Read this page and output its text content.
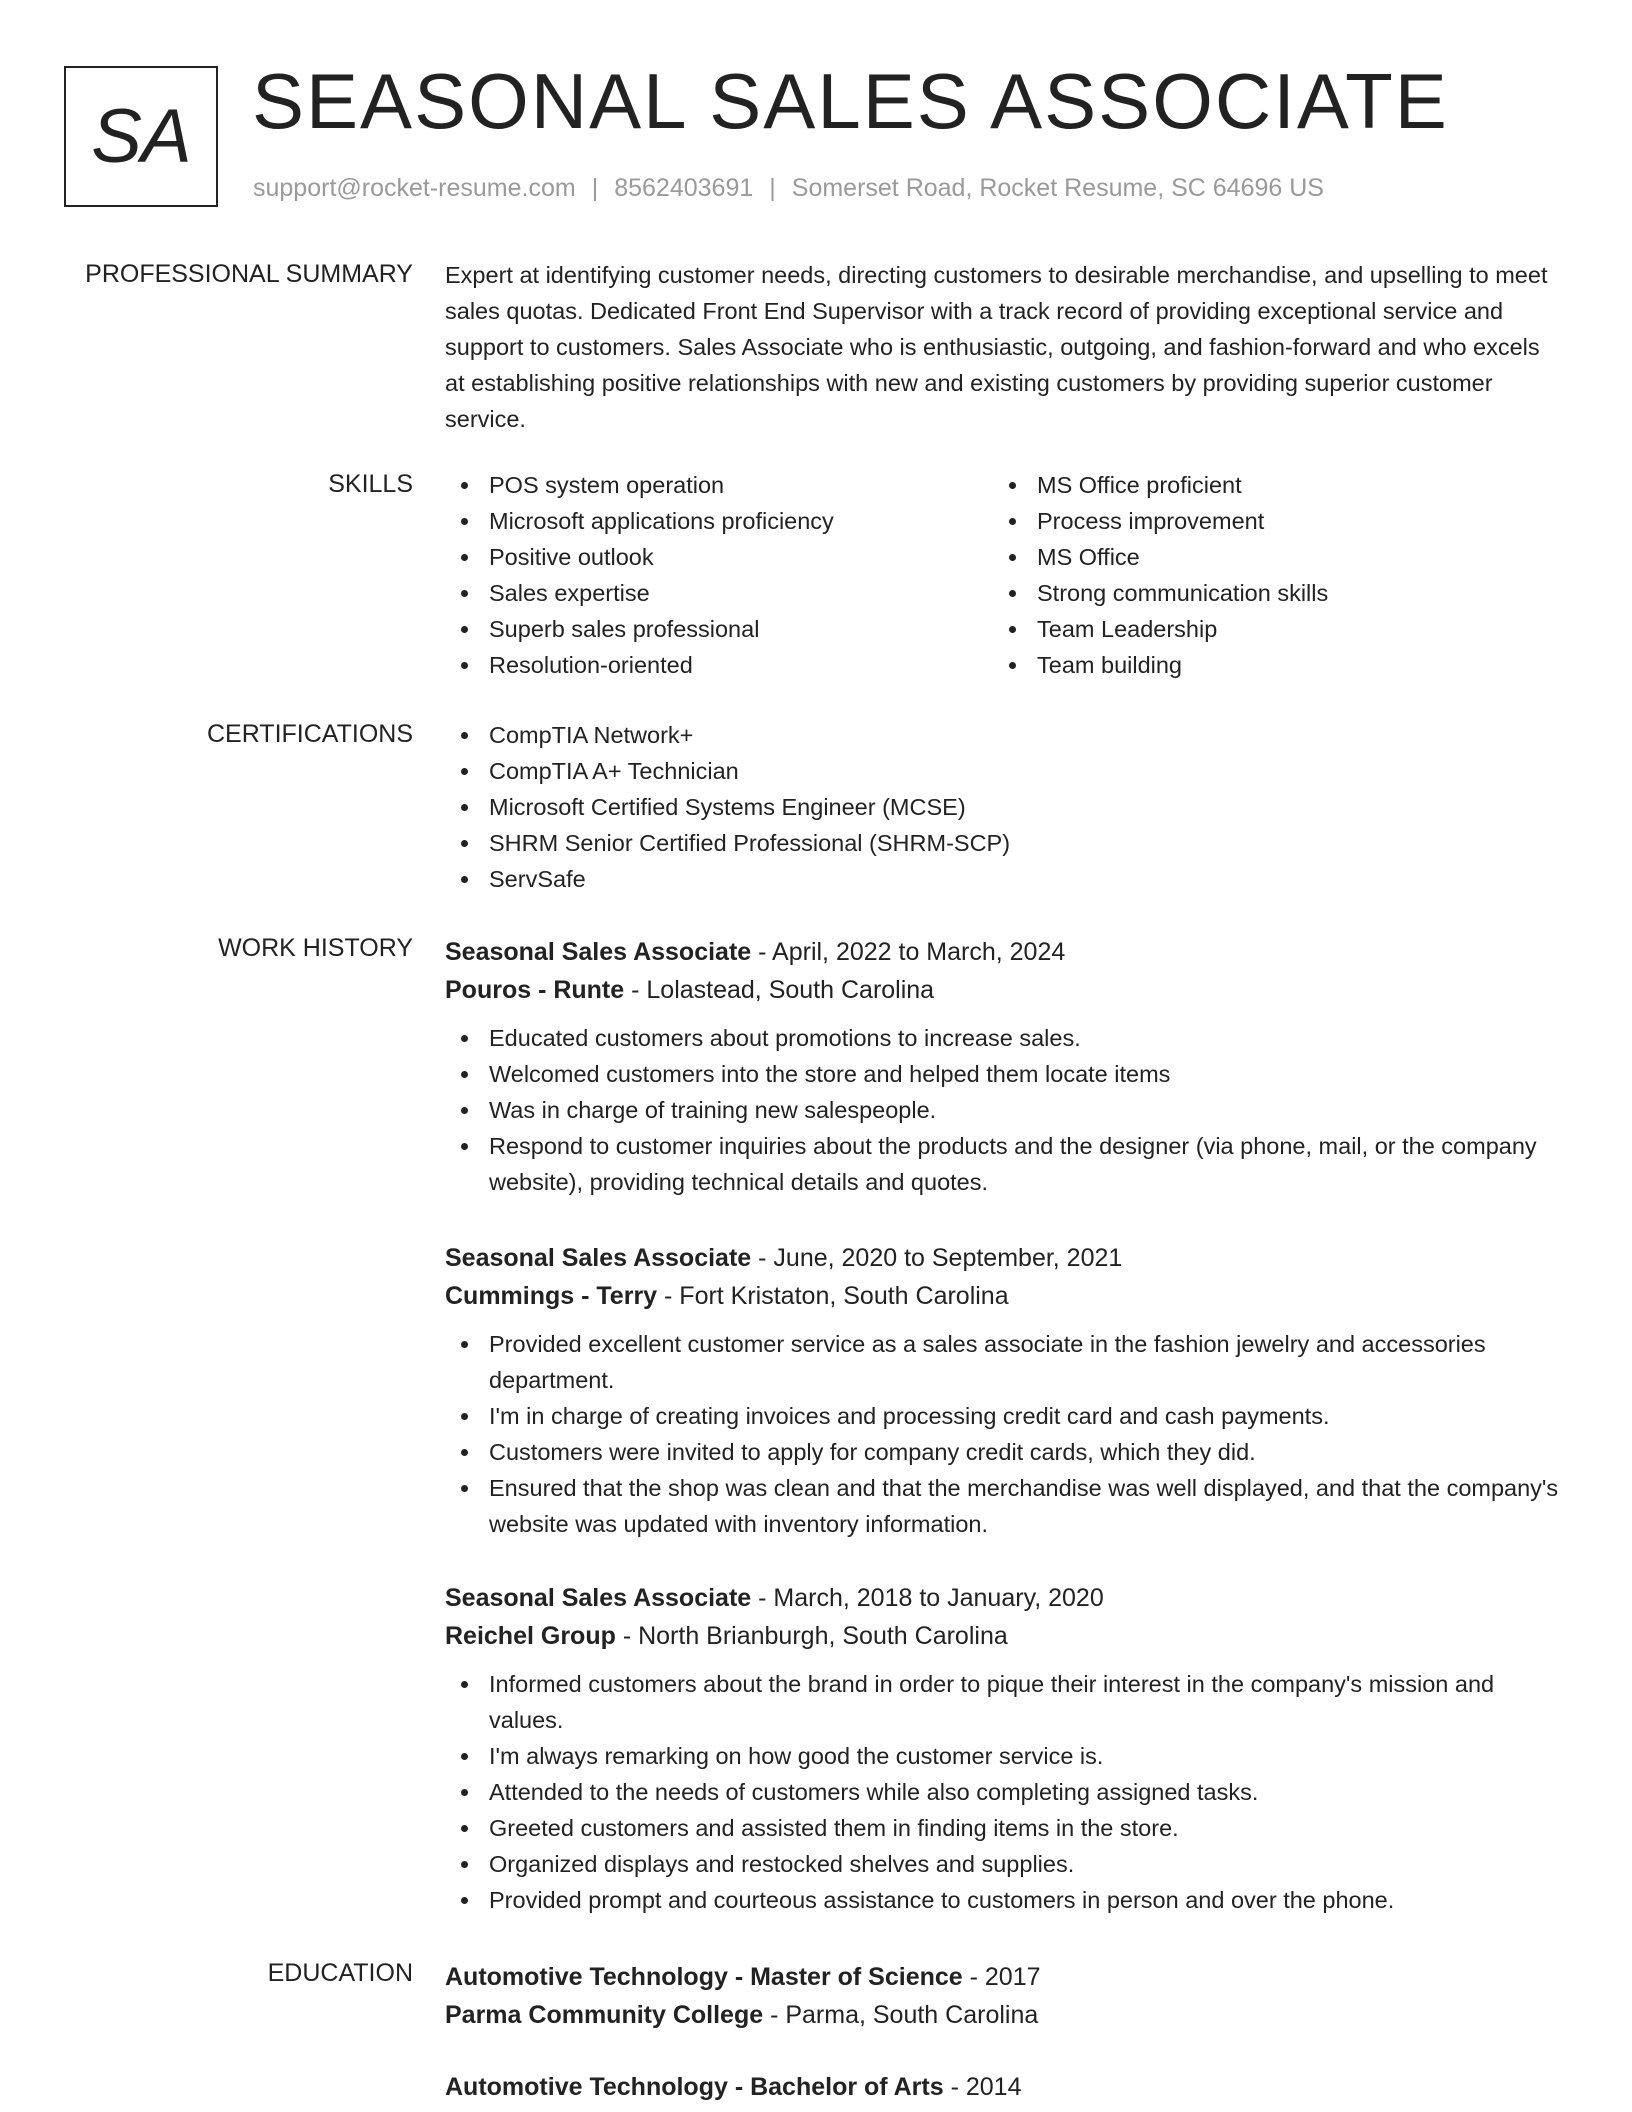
SA SEASONAL SALES ASSOCIATE
support@rocket-resume.com | 8562403691 | Somerset Road, Rocket Resume, SC 64696 US
PROFESSIONAL SUMMARY Expert at identifying customer needs, directing customers to desirable merchandise, and upselling to meet sales quotas. Dedicated Front End Supervisor with a track record of providing exceptional service and support to customers. Sales Associate who is enthusiastic, outgoing, and fashion-forward and who excels at establishing positive relationships with new and existing customers by providing superior customer service.
SKILLS	POS system operation
Microsoft applications proficiency
Positive outlook
Sales expertise
Superb sales professional
Resolution-oriented
MS Office proficient
Process improvement
MS Office
Strong communication skills
Team Leadership
Team building
CERTIFICATIONS	CompTIA Network+
CompTIA A+ Technician
Microsoft Certified Systems Engineer (MCSE)
SHRM Senior Certified Professional (SHRM-SCP)
ServSafe
WORK HISTORY Seasonal Sales Associate - April, 2022 to March, 2024
Pouros - Runte - Lolastead, South Carolina
Educated customers about promotions to increase sales.
Welcomed customers into the store and helped them locate items
Was in charge of training new salespeople.
Respond to customer inquiries about the products and the designer (via phone, mail, or the company website), providing technical details and quotes.
Seasonal Sales Associate - June, 2020 to September, 2021
Cummings - Terry - Fort Kristaton, South Carolina
Provided excellent customer service as a sales associate in the fashion jewelry and accessories department.
I'm in charge of creating invoices and processing credit card and cash payments.
Customers were invited to apply for company credit cards, which they did.
Ensured that the shop was clean and that the merchandise was well displayed, and that the company's website was updated with inventory information.
Seasonal Sales Associate - March, 2018 to January, 2020
Reichel Group - North Brianburgh, South Carolina
Informed customers about the brand in order to pique their interest in the company's mission and values.
I'm always remarking on how good the customer service is.
Attended to the needs of customers while also completing assigned tasks.
Greeted customers and assisted them in finding items in the store.
Organized displays and restocked shelves and supplies.
Provided prompt and courteous assistance to customers in person and over the phone.
EDUCATION Automotive Technology - Master of Science - 2017
Parma Community College - Parma, South Carolina
Automotive Technology - Bachelor of Arts - 2014
